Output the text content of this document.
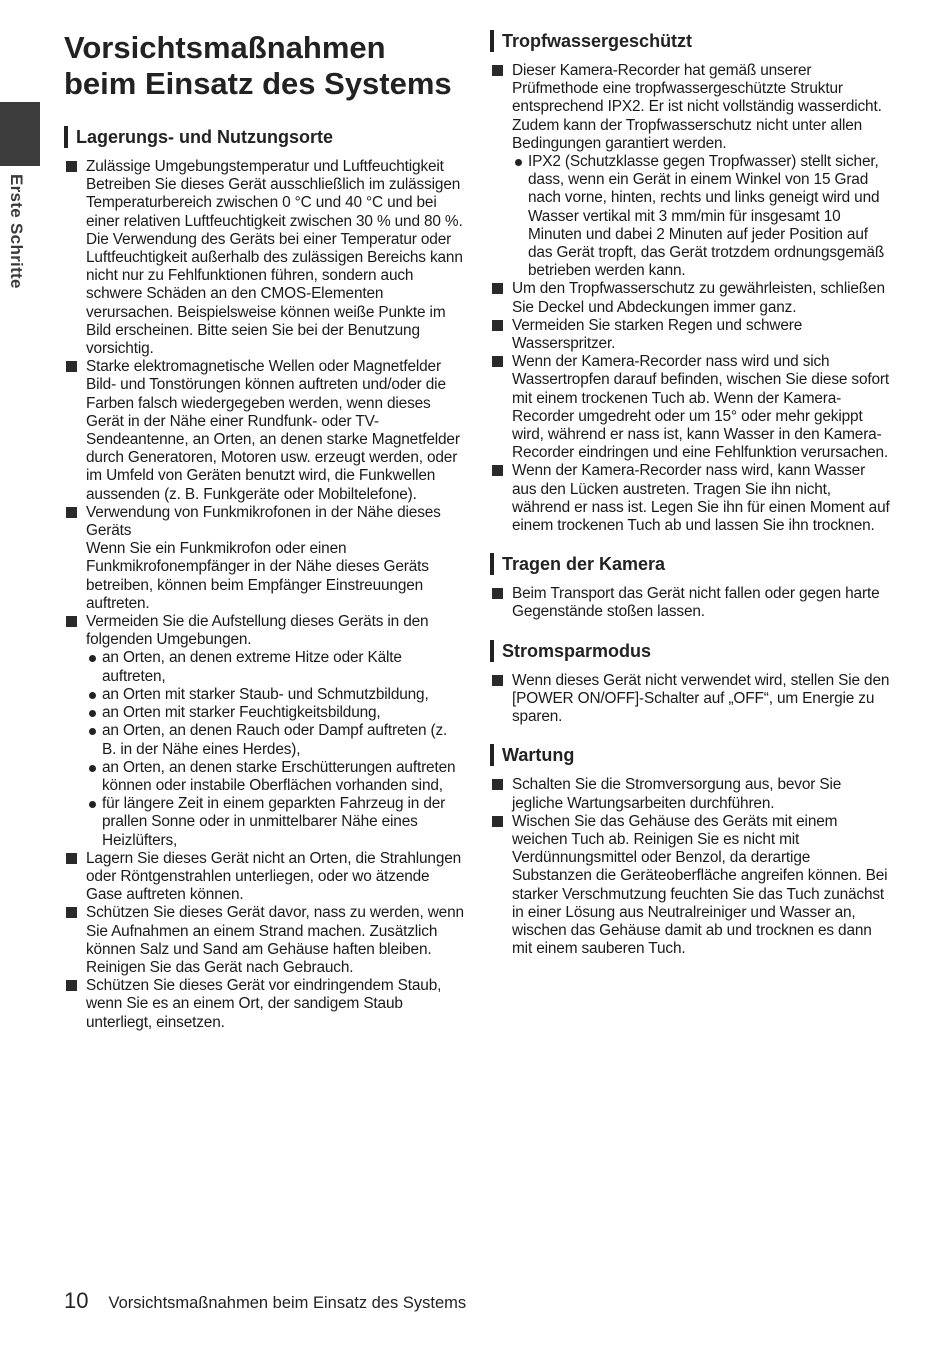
Erste Schritte
Vorsichtsmaßnahmen beim Einsatz des Systems
Lagerungs- und Nutzungsorte
Zulässige Umgebungstemperatur und Luftfeuchtigkeit
Betreiben Sie dieses Gerät ausschließlich im zulässigen Temperaturbereich zwischen 0 °C und 40 °C und bei einer relativen Luftfeuchtigkeit zwischen 30 % und 80 %. Die Verwendung des Geräts bei einer Temperatur oder Luftfeuchtigkeit außerhalb des zulässigen Bereichs kann nicht nur zu Fehlfunktionen führen, sondern auch schwere Schäden an den CMOS-Elementen verursachen. Beispielsweise können weiße Punkte im Bild erscheinen. Bitte seien Sie bei der Benutzung vorsichtig.
Starke elektromagnetische Wellen oder Magnetfelder
Bild- und Tonstörungen können auftreten und/oder die Farben falsch wiedergegeben werden, wenn dieses Gerät in der Nähe einer Rundfunk- oder TV-Sendeantenne, an Orten, an denen starke Magnetfelder durch Generatoren, Motoren usw. erzeugt werden, oder im Umfeld von Geräten benutzt wird, die Funkwellen aussenden (z. B. Funkgeräte oder Mobiltelefone).
Verwendung von Funkmikrofonen in der Nähe dieses Geräts
Wenn Sie ein Funkmikrofon oder einen Funkmikrofonempfänger in der Nähe dieses Geräts betreiben, können beim Empfänger Einstreuungen auftreten.
Vermeiden Sie die Aufstellung dieses Geräts in den folgenden Umgebungen.
an Orten, an denen extreme Hitze oder Kälte auftreten,
an Orten mit starker Staub- und Schmutzbildung,
an Orten mit starker Feuchtigkeitsbildung,
an Orten, an denen Rauch oder Dampf auftreten (z. B. in der Nähe eines Herdes),
an Orten, an denen starke Erschütterungen auftreten können oder instabile Oberflächen vorhanden sind,
für längere Zeit in einem geparkten Fahrzeug in der prallen Sonne oder in unmittelbarer Nähe eines Heizlüfters,
Lagern Sie dieses Gerät nicht an Orten, die Strahlungen oder Röntgenstrahlen unterliegen, oder wo ätzende Gase auftreten können.
Schützen Sie dieses Gerät davor, nass zu werden, wenn Sie Aufnahmen an einem Strand machen. Zusätzlich können Salz und Sand am Gehäuse haften bleiben. Reinigen Sie das Gerät nach Gebrauch.
Schützen Sie dieses Gerät vor eindringendem Staub, wenn Sie es an einem Ort, der sandigem Staub unterliegt, einsetzen.
Tropfwassergeschützt
Dieser Kamera-Recorder hat gemäß unserer Prüfmethode eine tropfwassergeschützte Struktur entsprechend IPX2. Er ist nicht vollständig wasserdicht. Zudem kann der Tropfwasserschutz nicht unter allen Bedingungen garantiert werden.
IPX2 (Schutzklasse gegen Tropfwasser) stellt sicher, dass, wenn ein Gerät in einem Winkel von 15 Grad nach vorne, hinten, rechts und links geneigt wird und Wasser vertikal mit 3 mm/min für insgesamt 10 Minuten und dabei 2 Minuten auf jeder Position auf das Gerät tropft, das Gerät trotzdem ordnungsgemäß betrieben werden kann.
Um den Tropfwasserschutz zu gewährleisten, schließen Sie Deckel und Abdeckungen immer ganz.
Vermeiden Sie starken Regen und schwere Wasserspritzer.
Wenn der Kamera-Recorder nass wird und sich Wassertropfen darauf befinden, wischen Sie diese sofort mit einem trockenen Tuch ab. Wenn der Kamera-Recorder umgedreht oder um 15° oder mehr gekippt wird, während er nass ist, kann Wasser in den Kamera-Recorder eindringen und eine Fehlfunktion verursachen.
Wenn der Kamera-Recorder nass wird, kann Wasser aus den Lücken austreten. Tragen Sie ihn nicht, während er nass ist. Legen Sie ihn für einen Moment auf einem trockenen Tuch ab und lassen Sie ihn trocknen.
Tragen der Kamera
Beim Transport das Gerät nicht fallen oder gegen harte Gegenstände stoßen lassen.
Stromsparmodus
Wenn dieses Gerät nicht verwendet wird, stellen Sie den [POWER ON/OFF]-Schalter auf „OFF“, um Energie zu sparen.
Wartung
Schalten Sie die Stromversorgung aus, bevor Sie jegliche Wartungsarbeiten durchführen.
Wischen Sie das Gehäuse des Geräts mit einem weichen Tuch ab. Reinigen Sie es nicht mit Verdünnungsmittel oder Benzol, da derartige Substanzen die Geräteoberfläche angreifen können. Bei starker Verschmutzung feuchten Sie das Tuch zunächst in einer Lösung aus Neutralreiniger und Wasser an, wischen das Gehäuse damit ab und trocknen es dann mit einem sauberen Tuch.
10 Vorsichtsmaßnahmen beim Einsatz des Systems
